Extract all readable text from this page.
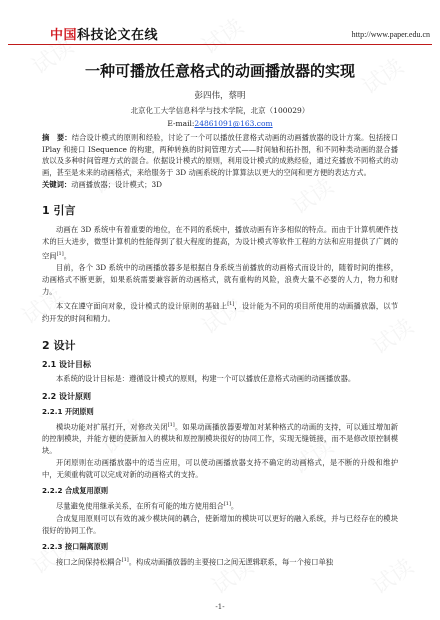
中国 科技论文在线	http://www.paper.edu.cn
一种可播放任意格式的动画播放器的实现
彭四伟，蔡明
北京化工大学信息科学与技术学院，北京（100029）
E-mail:24861091@163.com
摘　要：结合设计模式的原则和经验，讨论了一个可以播放任意格式动画的动画播放器的设计方案。包括接口 IPlay 和接口 ISequence 的构建，两种转换的时间管理方式——时间轴和拓扑图，和不同种类动画的混合播放以及多种时间管理方式的混合。依据设计模式的原则，利用设计模式的成熟经验，通过充播放不同格式的动画，甚至是未来的动画格式，来给服务于 3D 动画系统的计算算法以更大的空间和更方便的表达方式。
关键词：动画播放器；设计模式；3D
1 引言

动画在 3D 系统中有着重要的地位，在不同的系统中，播放动画有许多相似的特点。而由于计算机硬件技术的巨大进步，微型计算机的性能得到了很大程度的提高，为设计模式等软件工程的方法和应用提供了广阔的空间[1]。

目前，各个 3D 系统中的动画播放器多是根据自身系统当前播放的动画格式而设计的，随着时间的推移，动画格式不断更新，如果系统需要兼容新的动画格式，就有重构的风险，浪费大量不必要的人力，物力和财力。

本文在遵守面向对象，设计模式的设计原则的基础上[1]，设计能为不同的项目所使用的动画播放器，以节约开发的时间和精力。

2 设计
2.1 设计目标

本系统的设计目标是：遵循设计模式的原则，构建一个可以播放任意格式动画的动画播放器。

2.2 设计原则
2.2.1 开闭原则

模块功能对扩展打开，对修改关闭[1]。如果动画播放器要增加对某种格式的动画的支持，可以通过增加新的控制模块，并能方便的使新加入的模块和原控制模块很好的协同工作，实现无缝链接，而不是修改原控制模块。

开闭原则在动画播放器中的适当应用，可以使动画播放器支持不确定的动画格式，是不断的升级和维护中，无须重构就可以完成对新的动画格式的支持。

2.2.2 合成复用原则

尽量避免使用继承关系，在所有可能的地方使用组合[1]。

合成复用原则可以有效的减少模块间的耦合，使新增加的模块可以更好的融入系统，并与已经存在的模块很好的协同工作。

2.2.3 接口隔离原则

接口之间保持松耦合[1]。构成动画播放器的主要接口之间无逻辑联系，每一个接口单独

-1-
